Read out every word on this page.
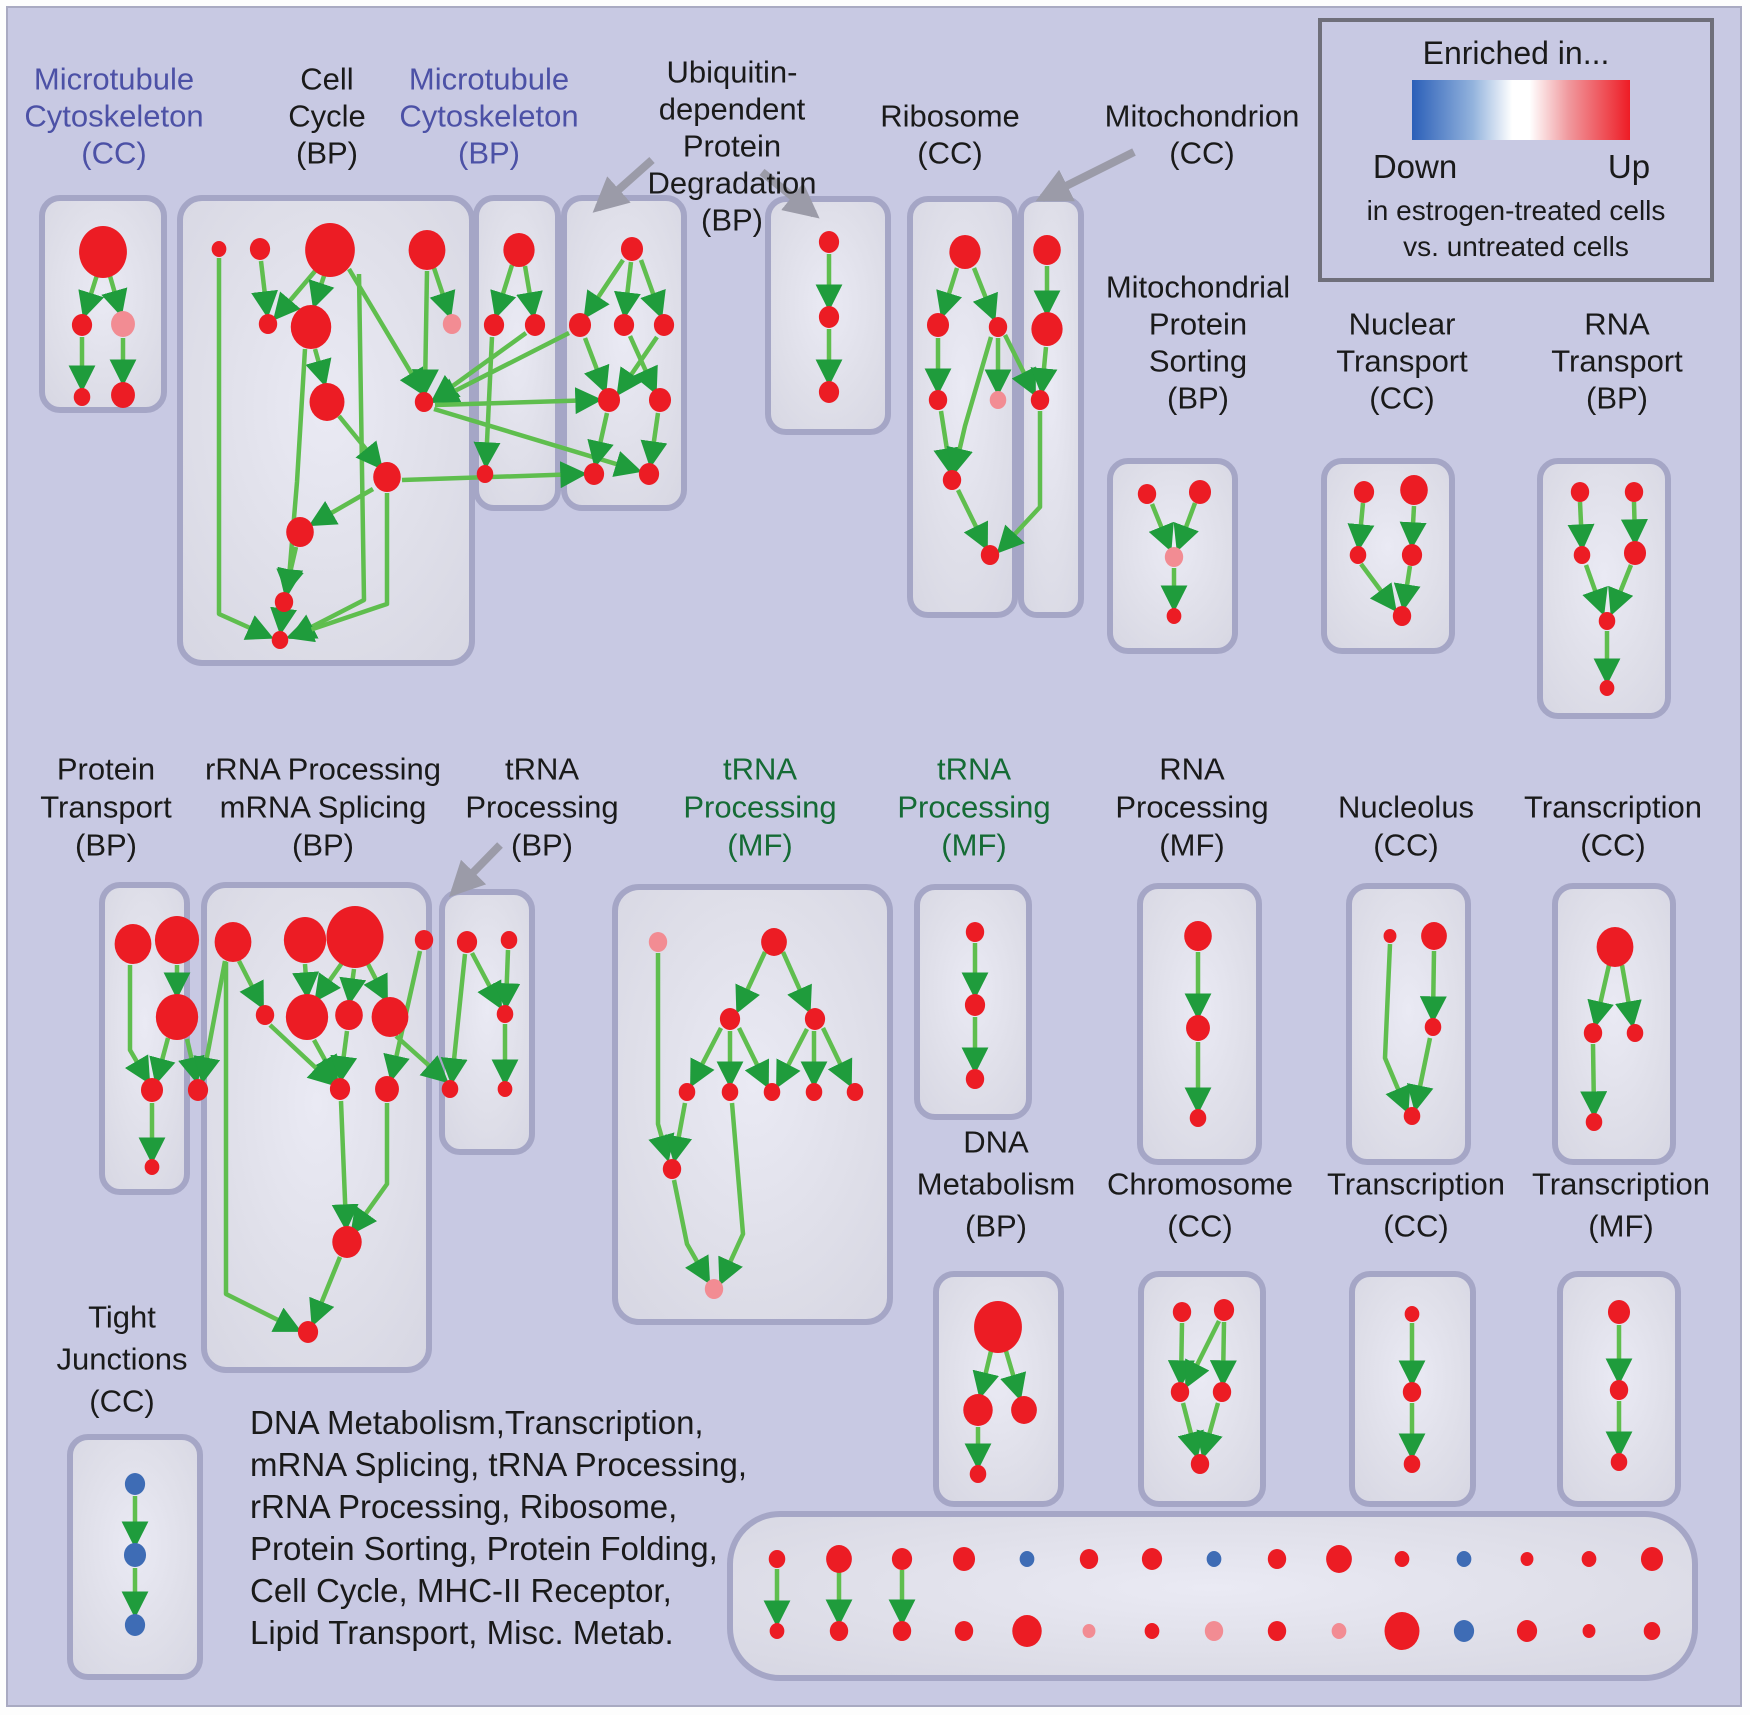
Microtubule Cytoskeleton (CC)
Cell Cycle (BP)
Microtubule Cytoskeleton (BP)
Ubiquitin-dependent Protein Degradation (BP)
Ribosome (CC)
Mitochondrion (CC)
Mitochondrial Protein Sorting (BP)
Nuclear Transport (CC)
RNA Transport (BP)
Protein Transport (BP)
rRNA Processing mRNA Splicing (BP)
tRNA Processing (BP)
tRNA Processing (MF)
tRNA Processing (MF)
RNA Processing (MF)
Nucleolus (CC)
Transcription (CC)
DNA Metabolism (BP)
Chromosome (CC)
Transcription (CC)
Transcription (MF)
Tight Junctions (CC)
DNA Metabolism,Transcription, mRNA Splicing, tRNA Processing, rRNA Processing, Ribosome, Protein Sorting, Protein Folding, Cell Cycle, MHC-II Receptor, Lipid Transport, Misc. Metab.
Enriched in...
Down	Up
in estrogen-treated cells
vs. untreated cells
